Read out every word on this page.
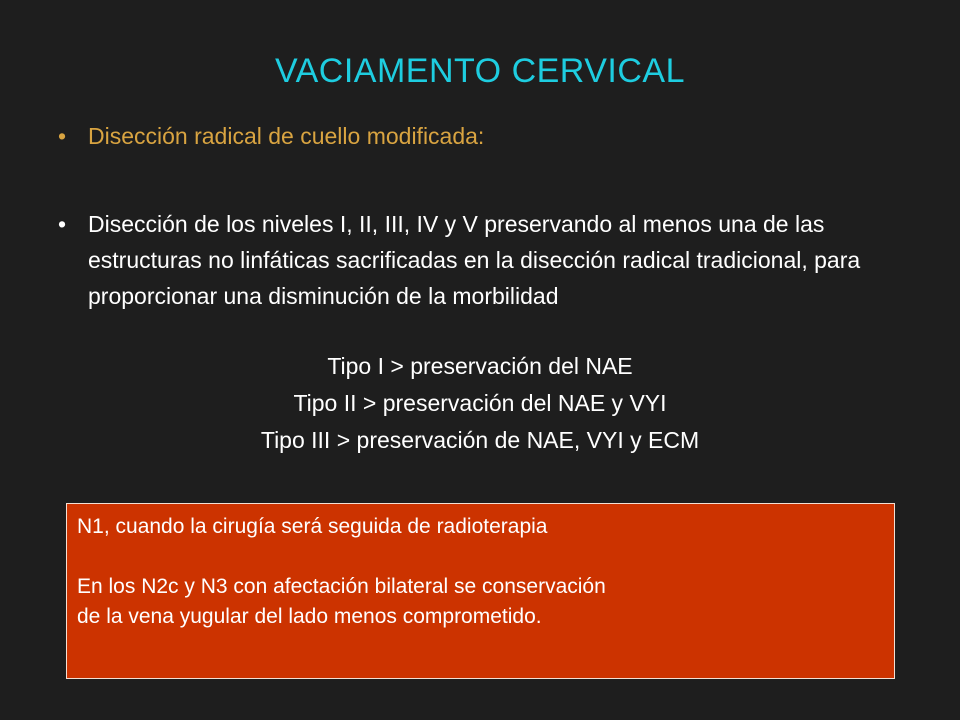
VACIAMENTO CERVICAL
• Disección radical de cuello modificada:
• Disección de los niveles I, II, III, IV y V preservando al menos una de las estructuras no linfáticas sacrificadas en la disección radical tradicional, para proporcionar una disminución de la morbilidad
Tipo I > preservación del NAE
Tipo II > preservación del NAE y VYI
Tipo III > preservación de NAE, VYI y ECM
N1, cuando la cirugía será seguida de radioterapia
En los N2c y N3 con afectación bilateral se conservación
de la vena yugular del lado menos comprometido.
